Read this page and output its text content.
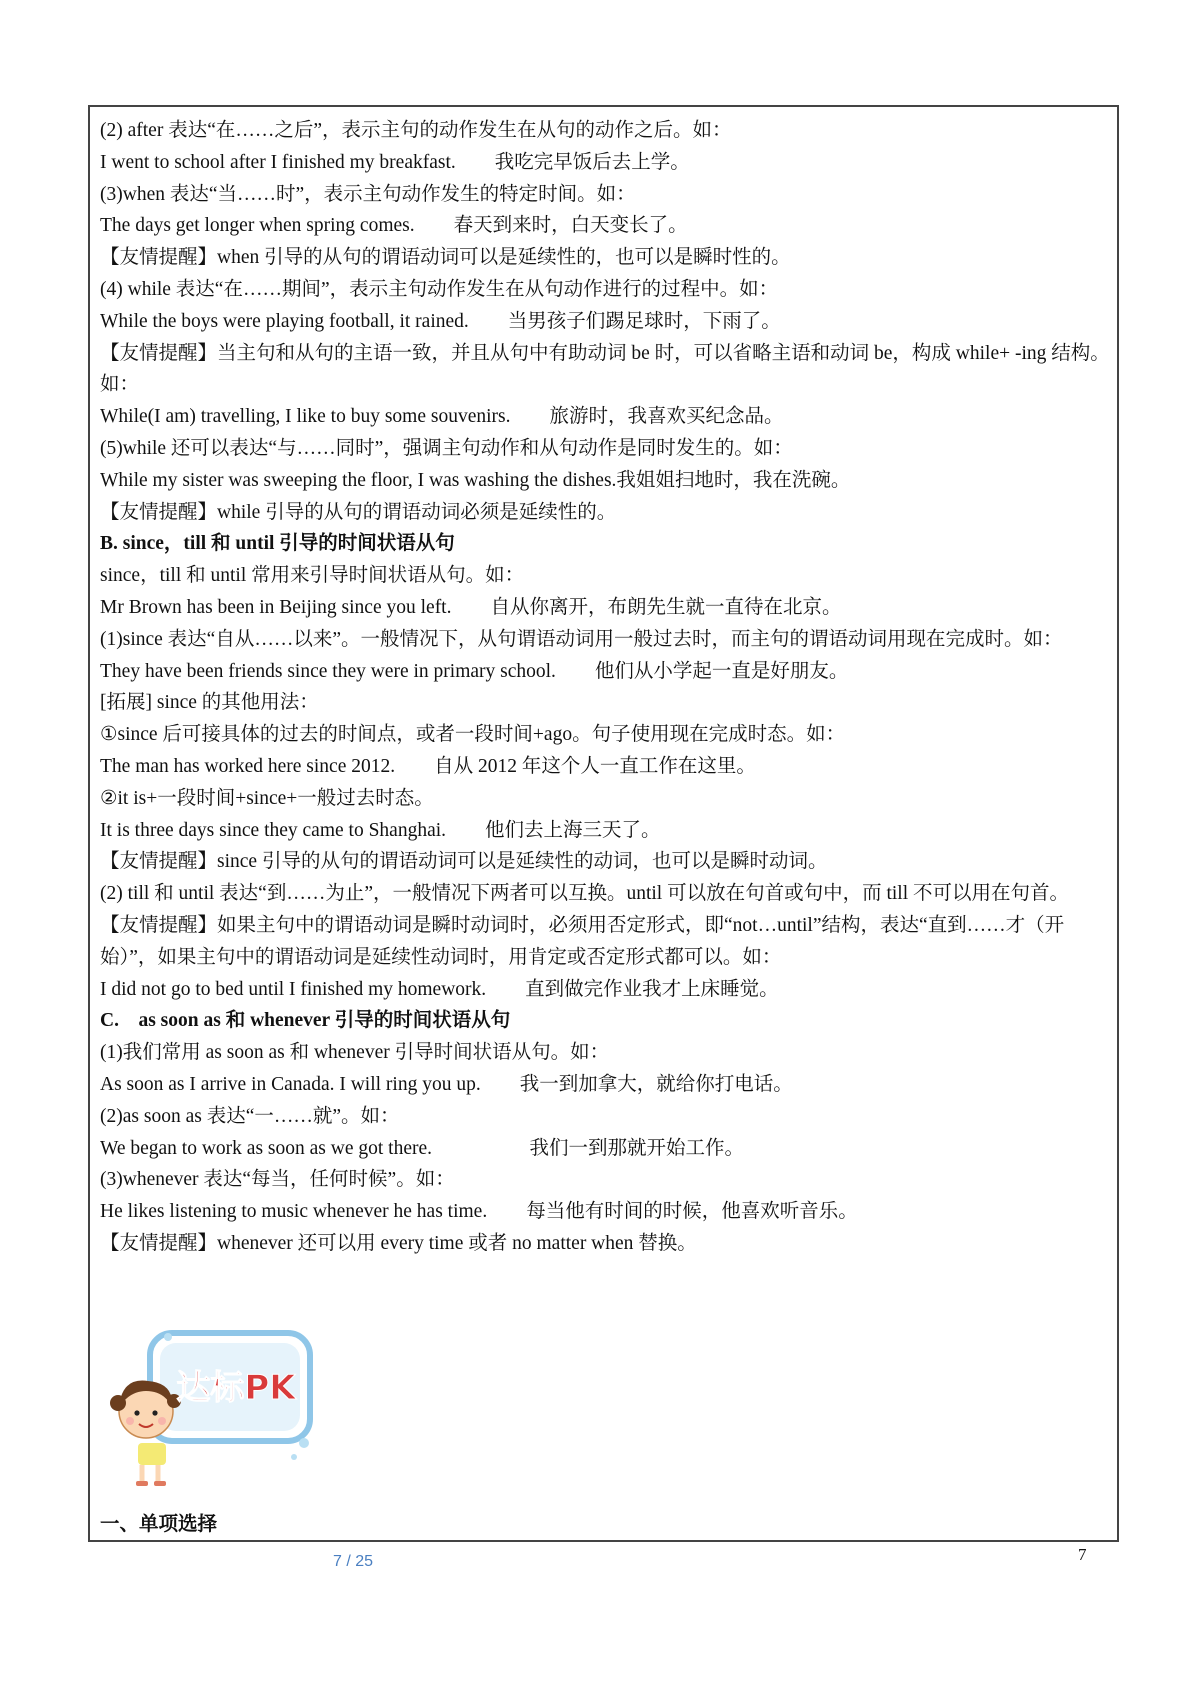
(2) after 表达“在……之后”，表示主句的动作发生在从句的动作之后。如：
I went to school after I finished my breakfast.        我吃完早饭后去上学。
(3)when 表达“当……时”，表示主句动作发生的特定时间。如：
The days get longer when spring comes.        春天到来时，白天变长了。
【友情提醒】when 引导的从句的谓语动词可以是延续性的，也可以是瞬时性的。
(4) while 表达“在……期间”，表示主句动作发生在从句动作进行的过程中。如：
While the boys were playing football, it rained.        当男孩子们踢足球时，下雨了。
【友情提醒】当主句和从句的主语一致，并且从句中有助动词 be 时，可以省略主语和动词 be，构成 while+ -ing 结构。如：
While(I am) travelling, I like to buy some souvenirs.        旅游时，我喜欢买纪念品。
(5)while 还可以表达“与……同时”，强调主句动作和从句动作是同时发生的。如：
While my sister was sweeping the floor, I was washing the dishes.我姐姐扫地时，我在洗碗。
【友情提醒】while 引导的从句的谓语动词必须是延续性的。
B. since，till 和 until 引导的时间状语从句
since，till 和 until 常用来引导时间状语从句。如：
Mr Brown has been in Beijing since you left.        自从你离开，布朗先生就一直待在北京。
(1)since 表达“自从……以来”。一般情况下，从句谓语动词用一般过去时，而主句的谓语动词用现在完成时。如：
They have been friends since they were in primary school.        他们从小学起一直是好朋友。
[拓展] since 的其他用法：
①since 后可接具体的过去的时间点，或者一段时间+ago。句子使用现在完成时态。如：
The man has worked here since 2012.        自从 2012 年这个人一直工作在这里。
②it is+一段时间+since+一般过去时态。
It is three days since they came to Shanghai.        他们去上海三天了。
【友情提醒】since 引导的从句的谓语动词可以是延续性的动词，也可以是瞬时动词。
(2) till 和 until 表达“到……为止”，一般情况下两者可以互换。until 可以放在句首或句中，而 till 不可以用在句首。
【友情提醒】如果主句中的谓语动词是瞬时动词时，必须用否定形式，即“not…until”结构，表达“直到……才（开始）”，如果主句中的谓语动词是延续性动词时，用肯定或否定形式都可以。如：
I did not go to bed until I finished my homework.        直到做完作业我才上床睡觉。
C.    as soon as 和 whenever 引导的时间状语从句
(1)我们常用 as soon as 和 whenever 引导时间状语从句。如：
As soon as I arrive in Canada. I will ring you up.        我一到加拿大，就给你打电话。
(2)as soon as 表达“一……就”。如：
We began to work as soon as we got there.                    我们一到那就开始工作。
(3)whenever 表达“每当，任何时候”。如：
He likes listening to music whenever he has time.        每当他有时间的时候，他喜欢听音乐。
【友情提醒】whenever 还可以用 every time 或者 no matter when 替换。
达标PK
一、单项选择
7 / 25	7
